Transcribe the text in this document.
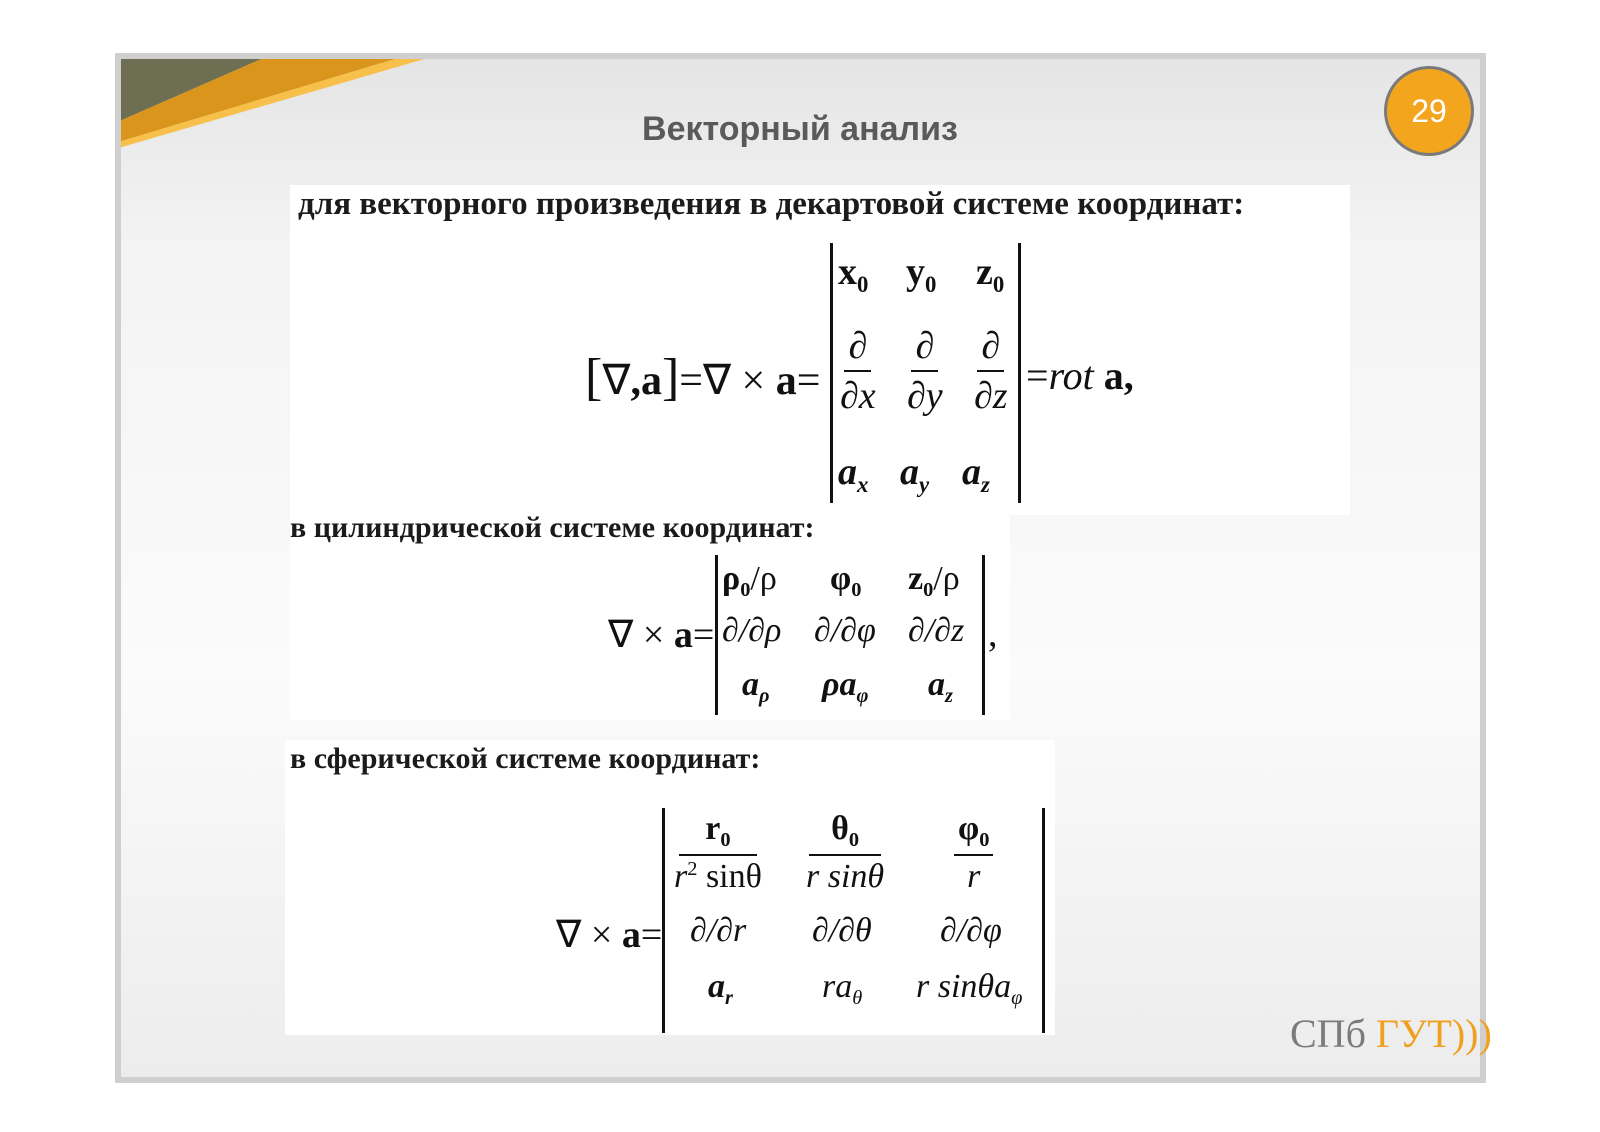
Векторный анализ	29
для векторного произведения в декартовой системе координат:
в цилиндрической системе координат:
в сферической системе координат:
[∇,a]=∇ × a=
$x_0$ $y_0$ $z_0$
∂
∂x
∂
∂y
∂
∂z
$a_x$ $a_y$ $a_z$
=rot a,
∇ × a=
$\rho_0/\rho$ $\varphi_0$ $z_0/\rho$
∂/∂ρ ∂/∂φ ∂/∂z
$a_\rho$ $\rho a_\varphi$ $a_z$
,
∇ × a=
$\frac{r_0}{r^2 \sin\theta} \frac{\theta_0}{\text{r sinθ}} \frac{\varphi_0}{r}$
∂/∂r ∂/∂θ ∂/∂φ
$a_r$	$ra_\theta$ r sinθa$_\varphi$
СПб ГУТ)))
